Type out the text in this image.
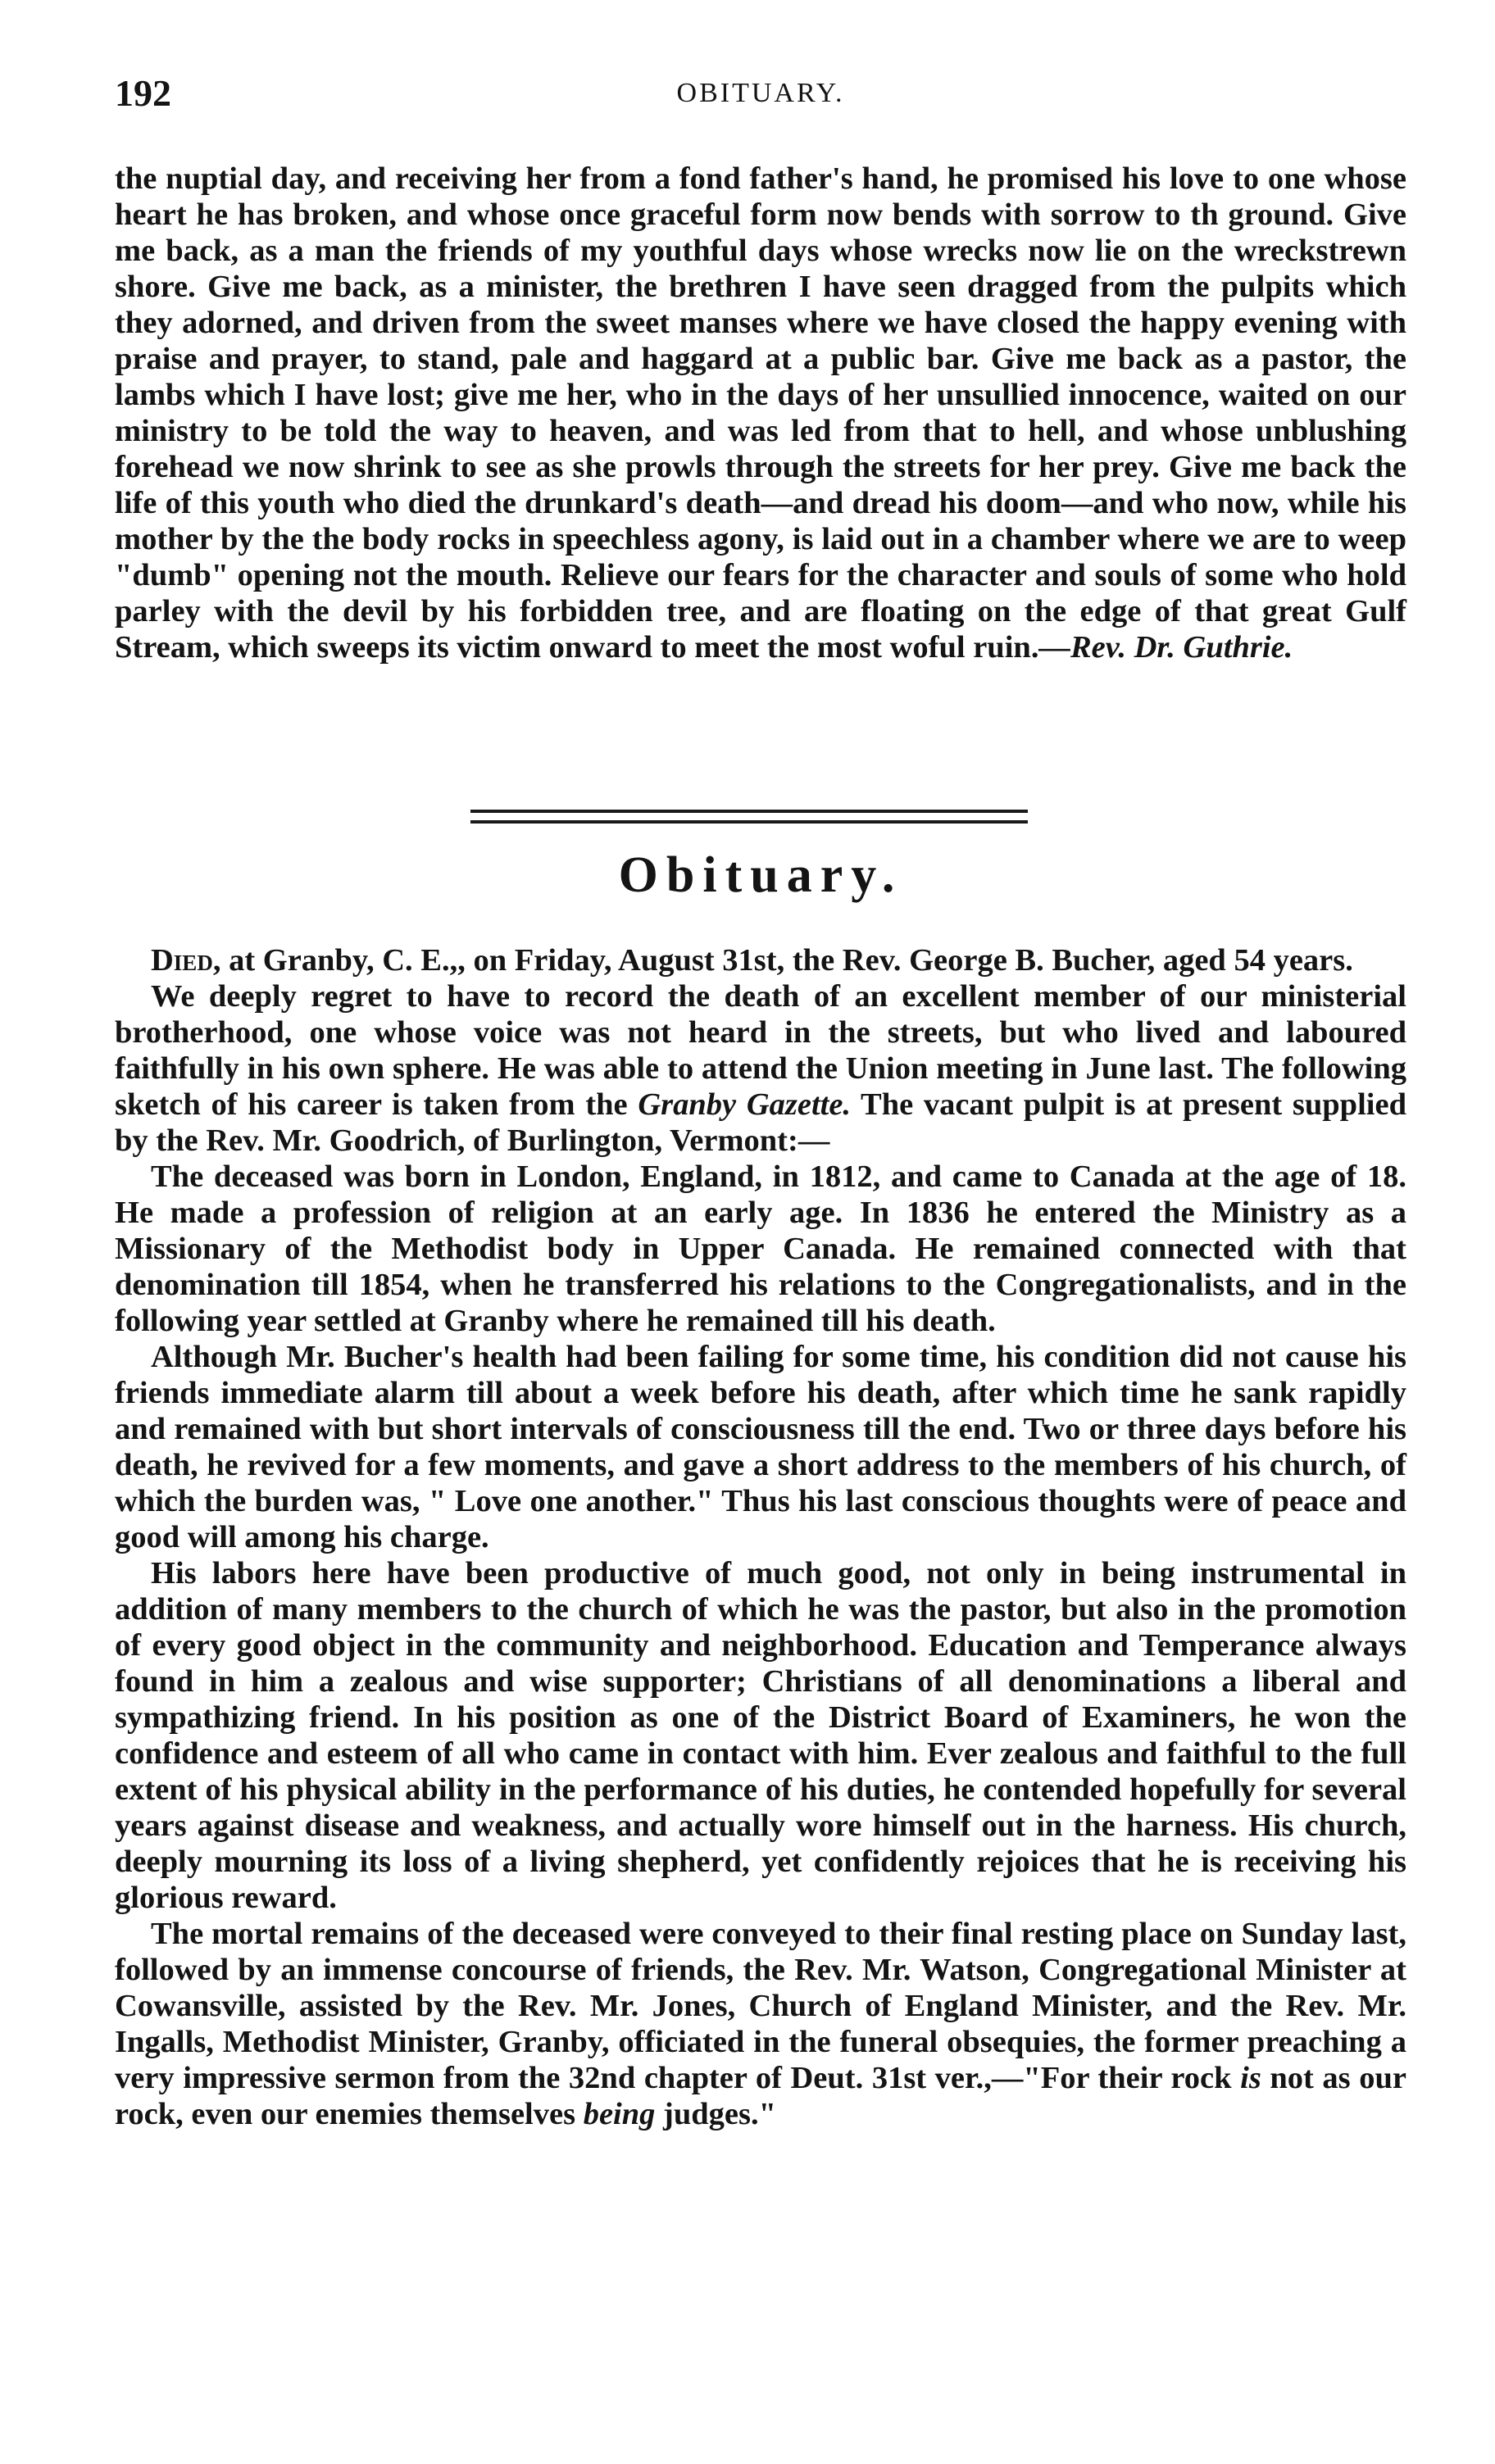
192	OBITUARY.

the nuptial day, and receiving her from a fond father's hand, he promised his love to one whose heart he has broken, and whose once graceful form now bends with sorrow to th ground. Give me back, as a man the friends of my youthful days whose wrecks now lie on the wreckstrewn shore. Give me back, as a minister, the brethren I have seen dragged from the pulpits which they adorned, and driven from the sweet manses where we have closed the happy evening with praise and prayer, to stand, pale and haggard at a public bar. Give me back as a pastor, the lambs which I have lost; give me her, who in the days of her unsullied innocence, waited on our ministry to be told the way to heaven, and was led from that to hell, and whose unblushing forehead we now shrink to see as she prowls through the streets for her prey. Give me back the life of this youth who died the drunkard's death—and dread his doom—and who now, while his mother by the the body rocks in speechless agony, is laid out in a chamber where we are to weep "dumb" opening not the mouth. Relieve our fears for the character and souls of some who hold parley with the devil by his forbidden tree, and are floating on the edge of that great Gulf Stream, which sweeps its victim onward to meet the most woful ruin.—Rev. Dr. Guthrie.

Obituary.

Died, at Granby, C. E.,, on Friday, August 31st, the Rev. George B. Bucher, aged 54 years.

We deeply regret to have to record the death of an excellent member of our ministerial brotherhood, one whose voice was not heard in the streets, but who lived and laboured faithfully in his own sphere. He was able to attend the Union meeting in June last. The following sketch of his career is taken from the Granby Gazette. The vacant pulpit is at present supplied by the Rev. Mr. Goodrich, of Burlington, Vermont:—

The deceased was born in London, England, in 1812, and came to Canada at the age of 18. He made a profession of religion at an early age. In 1836 he entered the Ministry as a Missionary of the Methodist body in Upper Canada. He remained connected with that denomination till 1854, when he transferred his relations to the Congregationalists, and in the following year settled at Granby where he remained till his death.

Although Mr. Bucher's health had been failing for some time, his condition did not cause his friends immediate alarm till about a week before his death, after which time he sank rapidly and remained with but short intervals of consciousness till the end. Two or three days before his death, he revived for a few moments, and gave a short address to the members of his church, of which the burden was, " Love one another." Thus his last conscious thoughts were of peace and good will among his charge.

His labors here have been productive of much good, not only in being instrumental in addition of many members to the church of which he was the pastor, but also in the promotion of every good object in the community and neighborhood. Education and Temperance always found in him a zealous and wise supporter; Christians of all denominations a liberal and sympathizing friend. In his position as one of the District Board of Examiners, he won the confidence and esteem of all who came in contact with him. Ever zealous and faithful to the full extent of his physical ability in the performance of his duties, he contended hopefully for several years against disease and weakness, and actually wore himself out in the harness. His church, deeply mourning its loss of a living shepherd, yet confidently rejoices that he is receiving his glorious reward.

The mortal remains of the deceased were conveyed to their final resting place on Sunday last, followed by an immense concourse of friends, the Rev. Mr. Watson, Congregational Minister at Cowansville, assisted by the Rev. Mr. Jones, Church of England Minister, and the Rev. Mr. Ingalls, Methodist Minister, Granby, officiated in the funeral obsequies, the former preaching a very impressive sermon from the 32nd chapter of Deut. 31st ver.,—"For their rock is not as our rock, even our enemies themselves being judges."
